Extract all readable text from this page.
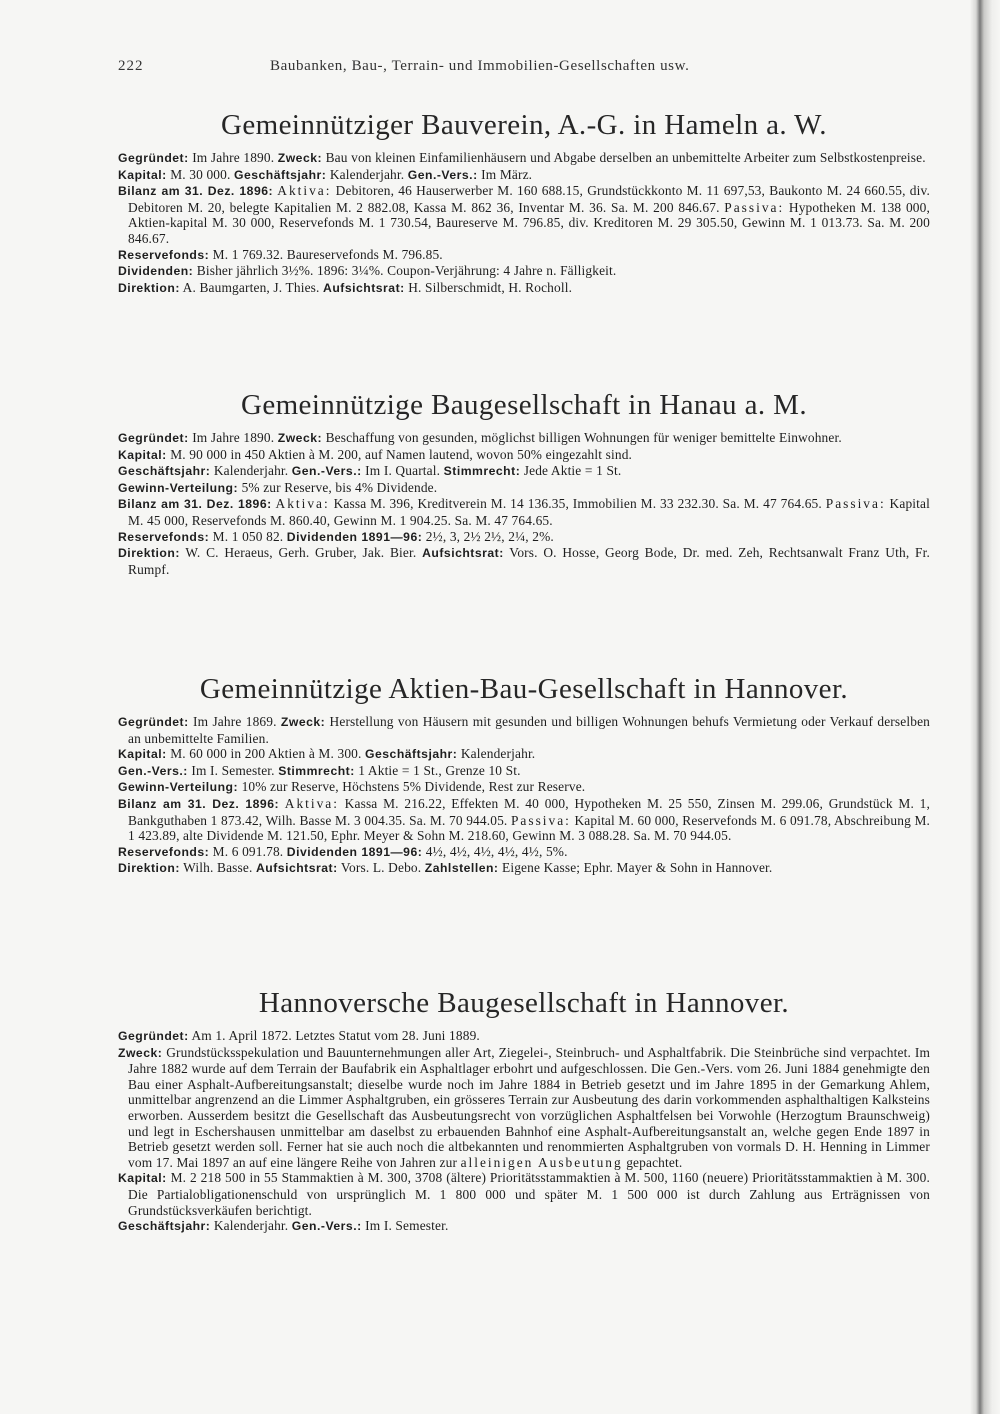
222	Baubanken, Bau-, Terrain- und Immobilien-Gesellschaften usw.
Gemeinnütziger Bauverein, A.-G. in Hameln a. W.

Gegründet: Im Jahre 1890. Zweck: Bau von kleinen Einfamilienhäusern und Abgabe derselben an unbemittelte Arbeiter zum Selbstkostenpreise.

Kapital: M. 30 000. Geschäftsjahr: Kalenderjahr. Gen.-Vers.: Im März.

Bilanz am 31. Dez. 1896: Aktiva: Debitoren, 46 Hauserwerber M. 160 688.15, Grundstückkonto M. 11 697,53, Baukonto M. 24 660.55, div. Debitoren M. 20, belegte Kapitalien M. 2 882.08, Kassa M. 862 36, Inventar M. 36. Sa. M. 200 846.67. Passiva: Hypotheken M. 138 000, Aktien-kapital M. 30 000, Reservefonds M. 1 730.54, Baureserve M. 796.85, div. Kreditoren M. 29 305.50, Gewinn M. 1 013.73. Sa. M. 200 846.67.

Reservefonds: M. 1 769.32. Baureservefonds M. 796.85.

Dividenden: Bisher jährlich 3½%. 1896: 3¼%. Coupon-Verjährung: 4 Jahre n. Fälligkeit.

Direktion: A. Baumgarten, J. Thies. Aufsichtsrat: H. Silberschmidt, H. Rocholl.

Gemeinnützige Baugesellschaft in Hanau a. M.

Gegründet: Im Jahre 1890. Zweck: Beschaffung von gesunden, möglichst billigen Wohnungen für weniger bemittelte Einwohner.

Kapital: M. 90 000 in 450 Aktien à M. 200, auf Namen lautend, wovon 50% eingezahlt sind.

Geschäftsjahr: Kalenderjahr. Gen.-Vers.: Im I. Quartal. Stimmrecht: Jede Aktie = 1 St.

Gewinn-Verteilung: 5% zur Reserve, bis 4% Dividende.

Bilanz am 31. Dez. 1896: Aktiva: Kassa M. 396, Kreditverein M. 14 136.35, Immobilien M. 33 232.30. Sa. M. 47 764.65. Passiva: Kapital M. 45 000, Reservefonds M. 860.40, Gewinn M. 1 904.25. Sa. M. 47 764.65.

Reservefonds: M. 1 050 82. Dividenden 1891—96: 2½, 3, 2½ 2½, 2¼, 2%.

Direktion: W. C. Heraeus, Gerh. Gruber, Jak. Bier. Aufsichtsrat: Vors. O. Hosse, Georg Bode, Dr. med. Zeh, Rechtsanwalt Franz Uth, Fr. Rumpf.

Gemeinnützige Aktien-Bau-Gesellschaft in Hannover.

Gegründet: Im Jahre 1869. Zweck: Herstellung von Häusern mit gesunden und billigen Wohnungen behufs Vermietung oder Verkauf derselben an unbemittelte Familien.

Kapital: M. 60 000 in 200 Aktien à M. 300. Geschäftsjahr: Kalenderjahr.

Gen.-Vers.: Im I. Semester. Stimmrecht: 1 Aktie = 1 St., Grenze 10 St.

Gewinn-Verteilung: 10% zur Reserve, Höchstens 5% Dividende, Rest zur Reserve.

Bilanz am 31. Dez. 1896: Aktiva: Kassa M. 216.22, Effekten M. 40 000, Hypotheken M. 25 550, Zinsen M. 299.06, Grundstück M. 1, Bankguthaben 1 873.42, Wilh. Basse M. 3 004.35. Sa. M. 70 944.05. Passiva: Kapital M. 60 000, Reservefonds M. 6 091.78, Abschreibung M. 1 423.89, alte Dividende M. 121.50, Ephr. Meyer & Sohn M. 218.60, Gewinn M. 3 088.28. Sa. M. 70 944.05.

Reservefonds: M. 6 091.78. Dividenden 1891—96: 4½, 4½, 4½, 4½, 4½, 5%.

Direktion: Wilh. Basse. Aufsichtsrat: Vors. L. Debo. Zahlstellen: Eigene Kasse; Ephr. Mayer & Sohn in Hannover.

Hannoversche Baugesellschaft in Hannover.

Gegründet: Am 1. April 1872. Letztes Statut vom 28. Juni 1889.

Zweck: Grundstücksspekulation und Bauunternehmungen aller Art, Ziegelei-, Steinbruch- und Asphaltfabrik. Die Steinbrüche sind verpachtet. Im Jahre 1882 wurde auf dem Terrain der Baufabrik ein Asphaltlager erbohrt und aufgeschlossen. Die Gen.-Vers. vom 26. Juni 1884 genehmigte den Bau einer Asphalt-Aufbereitungsanstalt; dieselbe wurde noch im Jahre 1884 in Betrieb gesetzt und im Jahre 1895 in der Gemarkung Ahlem, unmittelbar angrenzend an die Limmer Asphaltgruben, ein grösseres Terrain zur Ausbeutung des darin vorkommenden asphalthaltigen Kalksteins erworben. Ausserdem besitzt die Gesellschaft das Ausbeutungsrecht von vorzüglichen Asphaltfelsen bei Vorwohle (Herzogtum Braunschweig) und legt in Eschershausen unmittelbar am daselbst zu erbauenden Bahnhof eine Asphalt-Aufbereitungsanstalt an, welche gegen Ende 1897 in Betrieb gesetzt werden soll. Ferner hat sie auch noch die altbekannten und renommierten Asphaltgruben von vormals D. H. Henning in Limmer vom 17. Mai 1897 an auf eine längere Reihe von Jahren zur alleinigen Ausbeutung gepachtet.

Kapital: M. 2 218 500 in 55 Stammaktien à M. 300, 3708 (ältere) Prioritätsstammaktien à M. 500, 1160 (neuere) Prioritätsstammaktien à M. 300. Die Partialobligationenschuld von ursprünglich M. 1 800 000 und später M. 1 500 000 ist durch Zahlung aus Erträgnissen von Grundstücksverkäufen berichtigt.

Geschäftsjahr: Kalenderjahr. Gen.-Vers.: Im I. Semester.
